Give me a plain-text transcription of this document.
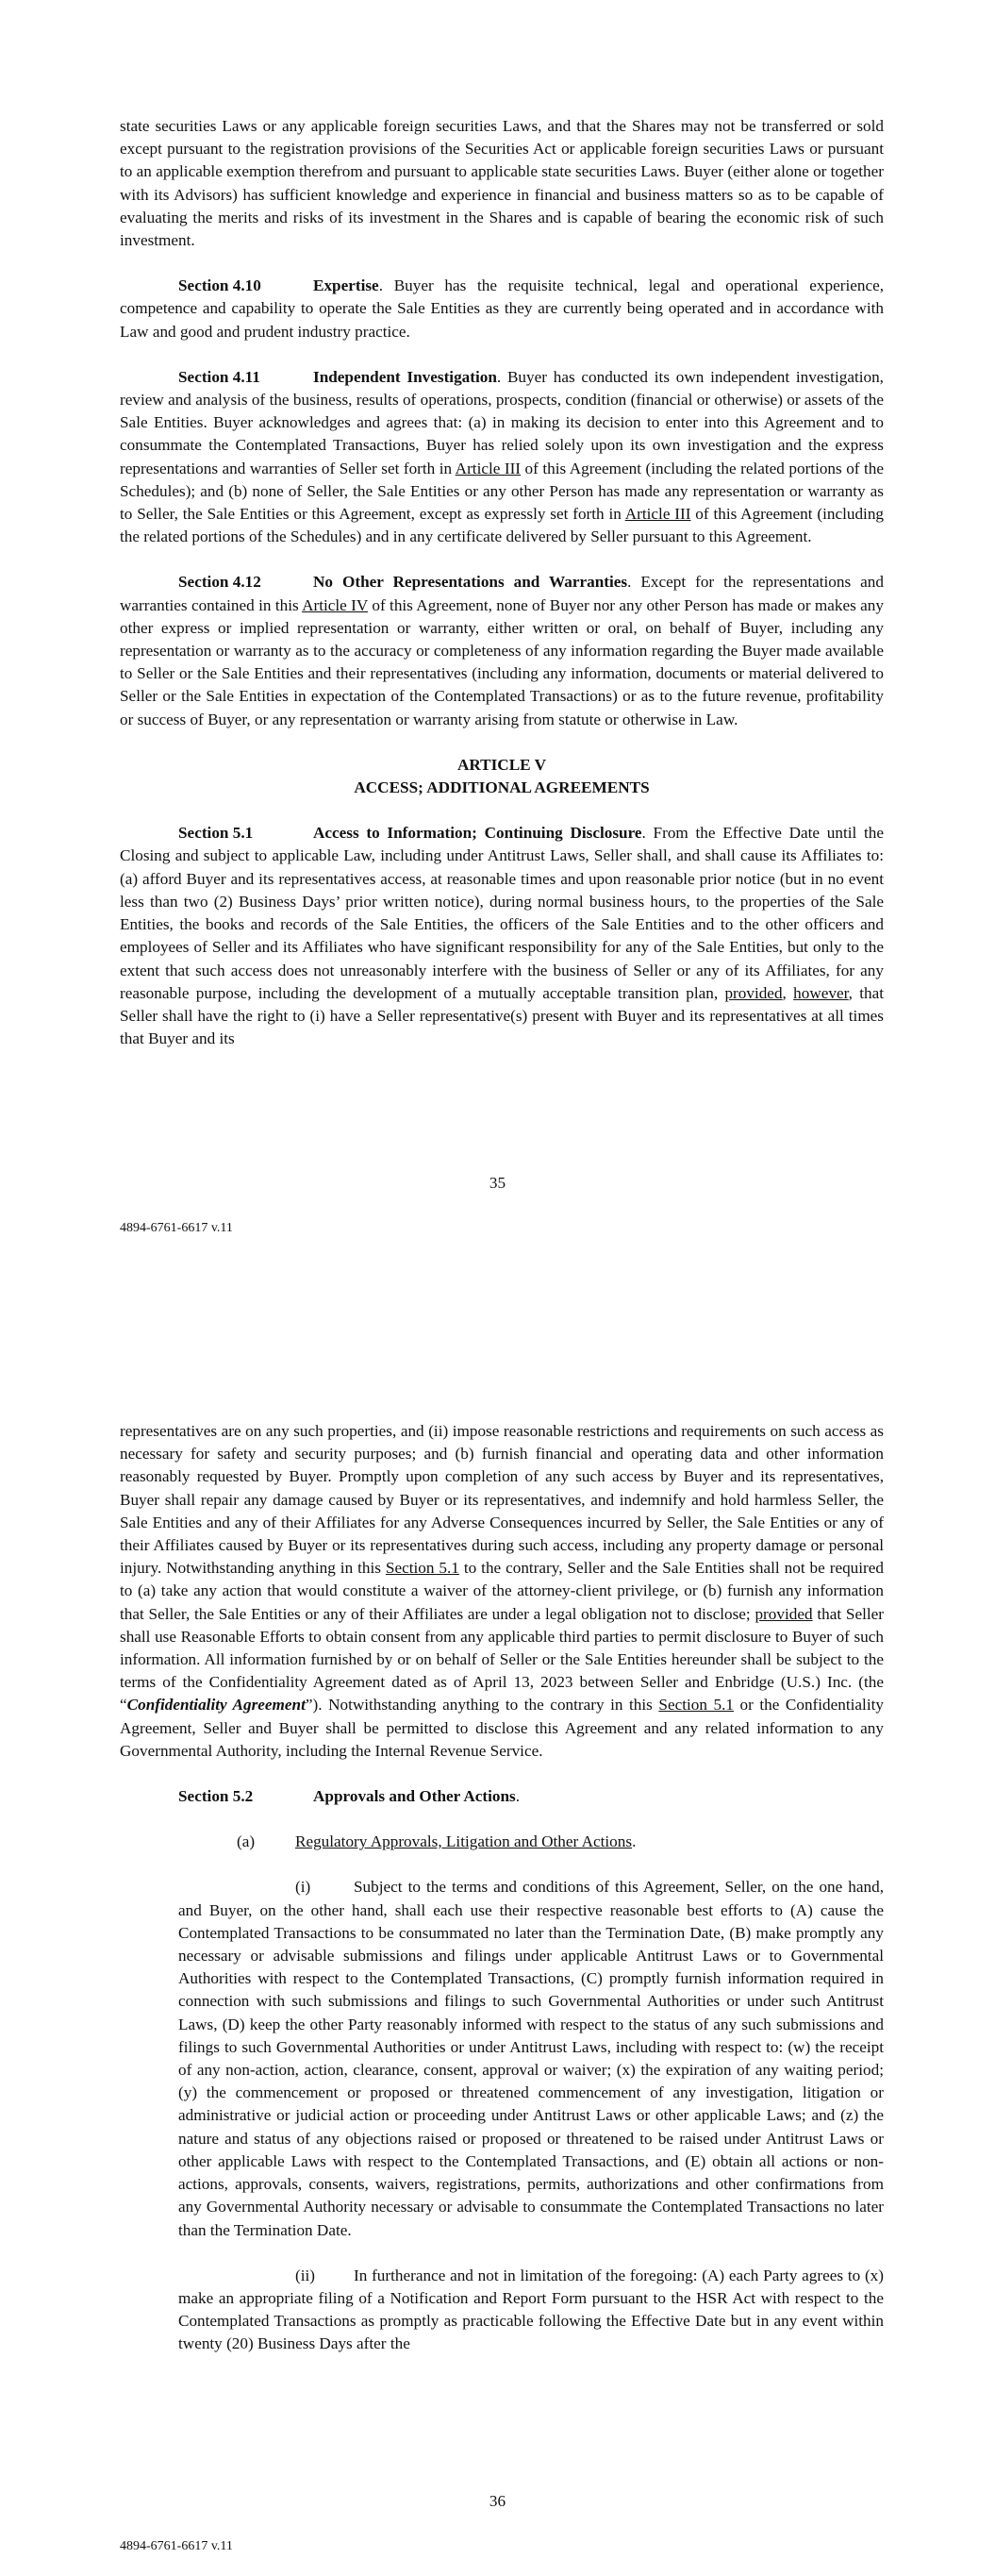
state securities Laws or any applicable foreign securities Laws, and that the Shares may not be transferred or sold except pursuant to the registration provisions of the Securities Act or applicable foreign securities Laws or pursuant to an applicable exemption therefrom and pursuant to applicable state securities Laws. Buyer (either alone or together with its Advisors) has sufficient knowledge and experience in financial and business matters so as to be capable of evaluating the merits and risks of its investment in the Shares and is capable of bearing the economic risk of such investment.

Section 4.10	Expertise. Buyer has the requisite technical, legal and operational experience, competence and capability to operate the Sale Entities as they are currently being operated and in accordance with Law and good and prudent industry practice.

Section 4.11	Independent Investigation. Buyer has conducted its own independent investigation, review and analysis of the business, results of operations, prospects, condition (financial or otherwise) or assets of the Sale Entities. Buyer acknowledges and agrees that: (a) in making its decision to enter into this Agreement and to consummate the Contemplated Transactions, Buyer has relied solely upon its own investigation and the express representations and warranties of Seller set forth in Article III of this Agreement (including the related portions of the Schedules); and (b) none of Seller, the Sale Entities or any other Person has made any representation or warranty as to Seller, the Sale Entities or this Agreement, except as expressly set forth in Article III of this Agreement (including the related portions of the Schedules) and in any certificate delivered by Seller pursuant to this Agreement.

Section 4.12	No Other Representations and Warranties. Except for the representations and warranties contained in this Article IV of this Agreement, none of Buyer nor any other Person has made or makes any other express or implied representation or warranty, either written or oral, on behalf of Buyer, including any representation or warranty as to the accuracy or completeness of any information regarding the Buyer made available to Seller or the Sale Entities and their representatives (including any information, documents or material delivered to Seller or the Sale Entities in expectation of the Contemplated Transactions) or as to the future revenue, profitability or success of Buyer, or any representation or warranty arising from statute or otherwise in Law.

ARTICLE V
ACCESS; ADDITIONAL AGREEMENTS

Section 5.1	Access to Information; Continuing Disclosure. From the Effective Date until the Closing and subject to applicable Law, including under Antitrust Laws, Seller shall, and shall cause its Affiliates to: (a) afford Buyer and its representatives access, at reasonable times and upon reasonable prior notice (but in no event less than two (2) Business Days’ prior written notice), during normal business hours, to the properties of the Sale Entities, the books and records of the Sale Entities, the officers of the Sale Entities and to the other officers and employees of Seller and its Affiliates who have significant responsibility for any of the Sale Entities, but only to the extent that such access does not unreasonably interfere with the business of Seller or any of its Affiliates, for any reasonable purpose, including the development of a mutually acceptable transition plan, provided, however, that Seller shall have the right to (i) have a Seller representative(s) present with Buyer and its representatives at all times that Buyer and its

35
4894-6761-6617 v.11

representatives are on any such properties, and (ii) impose reasonable restrictions and requirements on such access as necessary for safety and security purposes; and (b) furnish financial and operating data and other information reasonably requested by Buyer. Promptly upon completion of any such access by Buyer and its representatives, Buyer shall repair any damage caused by Buyer or its representatives, and indemnify and hold harmless Seller, the Sale Entities and any of their Affiliates for any Adverse Consequences incurred by Seller, the Sale Entities or any of their Affiliates caused by Buyer or its representatives during such access, including any property damage or personal injury. Notwithstanding anything in this Section 5.1 to the contrary, Seller and the Sale Entities shall not be required to (a) take any action that would constitute a waiver of the attorney-client privilege, or (b) furnish any information that Seller, the Sale Entities or any of their Affiliates are under a legal obligation not to disclose; provided that Seller shall use Reasonable Efforts to obtain consent from any applicable third parties to permit disclosure to Buyer of such information. All information furnished by or on behalf of Seller or the Sale Entities hereunder shall be subject to the terms of the Confidentiality Agreement dated as of April 13, 2023 between Seller and Enbridge (U.S.) Inc. (the “Confidentiality Agreement”). Notwithstanding anything to the contrary in this Section 5.1 or the Confidentiality Agreement, Seller and Buyer shall be permitted to disclose this Agreement and any related information to any Governmental Authority, including the Internal Revenue Service.

Section 5.2	Approvals and Other Actions.

(a) Regulatory Approvals, Litigation and Other Actions.

(i)	Subject to the terms and conditions of this Agreement, Seller, on the one hand, and Buyer, on the other hand, shall each use their respective reasonable best efforts to (A) cause the Contemplated Transactions to be consummated no later than the Termination Date, (B) make promptly any necessary or advisable submissions and filings under applicable Antitrust Laws or to Governmental Authorities with respect to the Contemplated Transactions, (C) promptly furnish information required in connection with such submissions and filings to such Governmental Authorities or under such Antitrust Laws, (D) keep the other Party reasonably informed with respect to the status of any such submissions and filings to such Governmental Authorities or under Antitrust Laws, including with respect to: (w) the receipt of any non-action, action, clearance, consent, approval or waiver; (x) the expiration of any waiting period; (y) the commencement or proposed or threatened commencement of any investigation, litigation or administrative or judicial action or proceeding under Antitrust Laws or other applicable Laws; and (z) the nature and status of any objections raised or proposed or threatened to be raised under Antitrust Laws or other applicable Laws with respect to the Contemplated Transactions, and (E) obtain all actions or non-actions, approvals, consents, waivers, registrations, permits, authorizations and other confirmations from any Governmental Authority necessary or advisable to consummate the Contemplated Transactions no later than the Termination Date.

(ii) In furtherance and not in limitation of the foregoing: (A) each Party agrees to (x) make an appropriate filing of a Notification and Report Form pursuant to the HSR Act with respect to the Contemplated Transactions as promptly as practicable following the Effective Date but in any event within twenty (20) Business Days after the

36
4894-6761-6617 v.11
